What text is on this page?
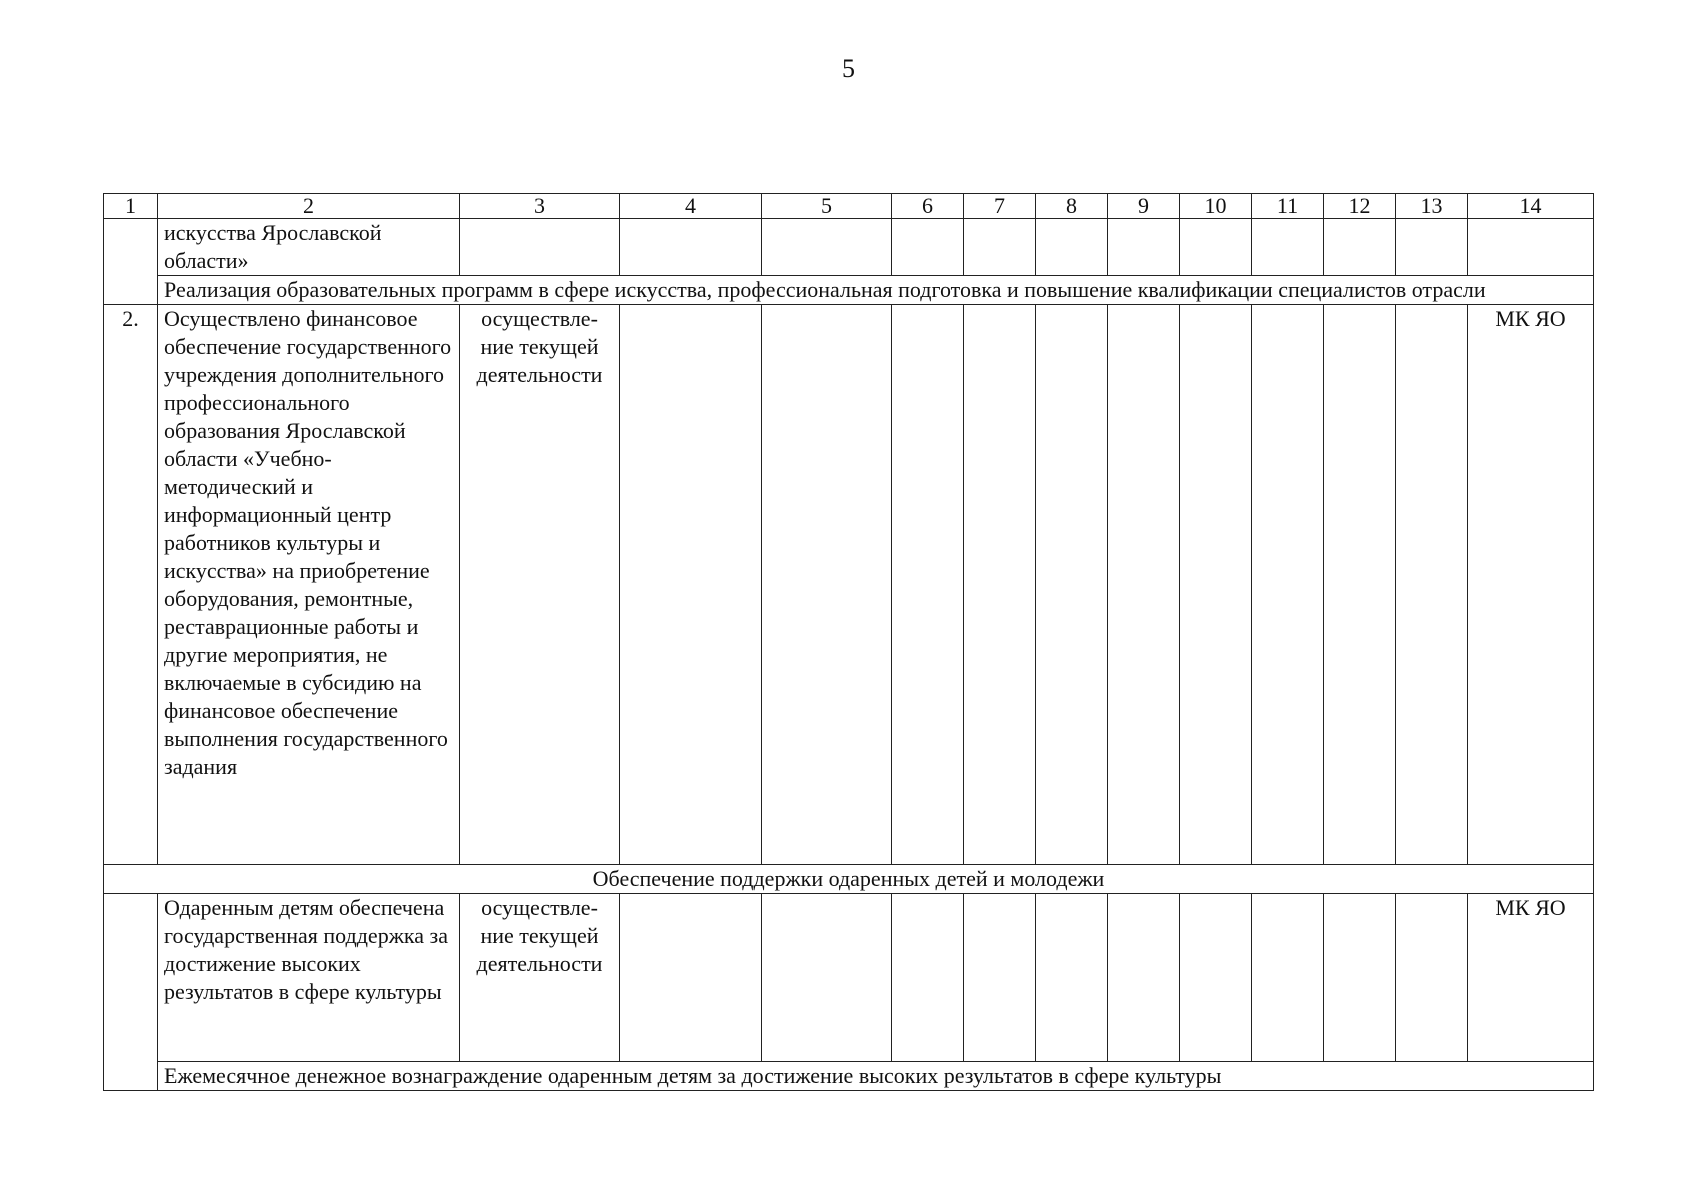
5
1	2	3	4	5	6	7	8	9	10	11	12	13	14
	искусства Ярославской области»												
	Реализация образовательных программ в сфере искусства, профессиональная подготовка и повышение квалификации специалистов отрасли												
2.	Осуществлено финансовое обеспечение государственного учреждения дополнительного профессионального образования Ярославской области «Учебно-методический и информационный центр работников культуры и искусства» на приобретение оборудования, ремонтные, реставрационные работы и другие мероприятия, не включаемые в субсидию на финансовое обеспечение выполнения государственного задания	осуществле-ние текущей деятельности											МК ЯО
Обеспечение поддержки одаренных детей и молодежи													
	Одаренным детям обеспечена государственная поддержка за достижение высоких результатов в сфере культуры	осуществле-ние текущей деятельности											МК ЯО
	Ежемесячное денежное вознаграждение одаренным детям за достижение высоких результатов в сфере культуры												
